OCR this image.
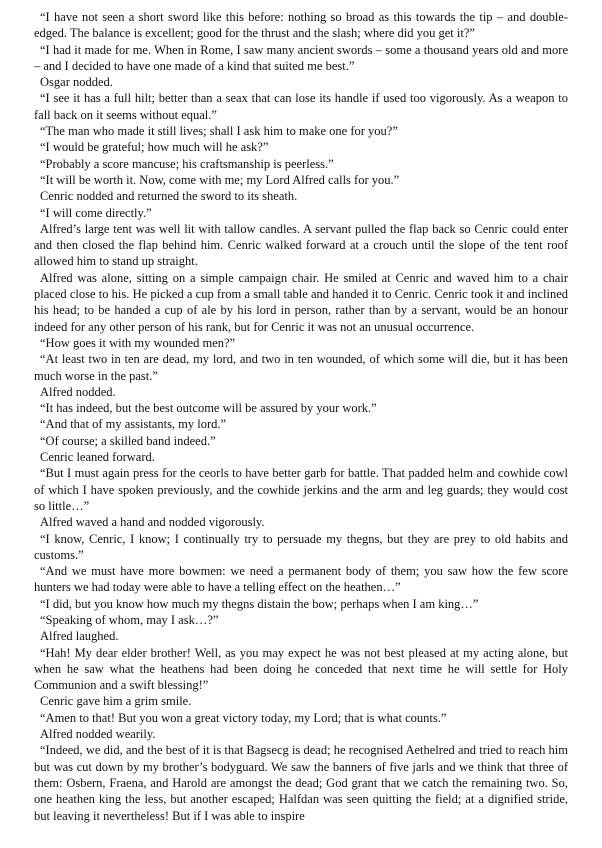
“I have not seen a short sword like this before: nothing so broad as this towards the tip – and double-edged. The balance is excellent; good for the thrust and the slash; where did you get it?”

“I had it made for me. When in Rome, I saw many ancient swords – some a thousand years old and more – and I decided to have one made of a kind that suited me best.”

Osgar nodded.

“I see it has a full hilt; better than a seax that can lose its handle if used too vigorously. As a weapon to fall back on it seems without equal.”

“The man who made it still lives; shall I ask him to make one for you?”

“I would be grateful; how much will he ask?”

“Probably a score mancuse; his craftsmanship is peerless.”

“It will be worth it. Now, come with me; my Lord Alfred calls for you.”

Cenric nodded and returned the sword to its sheath.

“I will come directly.”

Alfred’s large tent was well lit with tallow candles. A servant pulled the flap back so Cenric could enter and then closed the flap behind him. Cenric walked forward at a crouch until the slope of the tent roof allowed him to stand up straight.

Alfred was alone, sitting on a simple campaign chair. He smiled at Cenric and waved him to a chair placed close to his. He picked a cup from a small table and handed it to Cenric. Cenric took it and inclined his head; to be handed a cup of ale by his lord in person, rather than by a servant, would be an honour indeed for any other person of his rank, but for Cenric it was not an unusual occurrence.

“How goes it with my wounded men?”

“At least two in ten are dead, my lord, and two in ten wounded, of which some will die, but it has been much worse in the past.”

Alfred nodded.

“It has indeed, but the best outcome will be assured by your work.”

“And that of my assistants, my lord.”

“Of course; a skilled band indeed.”

Cenric leaned forward.

“But I must again press for the ceorls to have better garb for battle. That padded helm and cowhide cowl of which I have spoken previously, and the cowhide jerkins and the arm and leg guards; they would cost so little…”

Alfred waved a hand and nodded vigorously.

“I know, Cenric, I know; I continually try to persuade my thegns, but they are prey to old habits and customs.”

“And we must have more bowmen: we need a permanent body of them; you saw how the few score hunters we had today were able to have a telling effect on the heathen…”

“I did, but you know how much my thegns distain the bow; perhaps when I am king…”

“Speaking of whom, may I ask…?”

Alfred laughed.

“Hah! My dear elder brother! Well, as you may expect he was not best pleased at my acting alone, but when he saw what the heathens had been doing he conceded that next time he will settle for Holy Communion and a swift blessing!”

Cenric gave him a grim smile.

“Amen to that! But you won a great victory today, my Lord; that is what counts.”

Alfred nodded wearily.

“Indeed, we did, and the best of it is that Bagsecg is dead; he recognised Aethelred and tried to reach him but was cut down by my brother’s bodyguard. We saw the banners of five jarls and we think that three of them: Osbern, Fraena, and Harold are amongst the dead; God grant that we catch the remaining two. So, one heathen king the less, but another escaped; Halfdan was seen quitting the field; at a dignified stride, but leaving it nevertheless! But if I was able to inspire
